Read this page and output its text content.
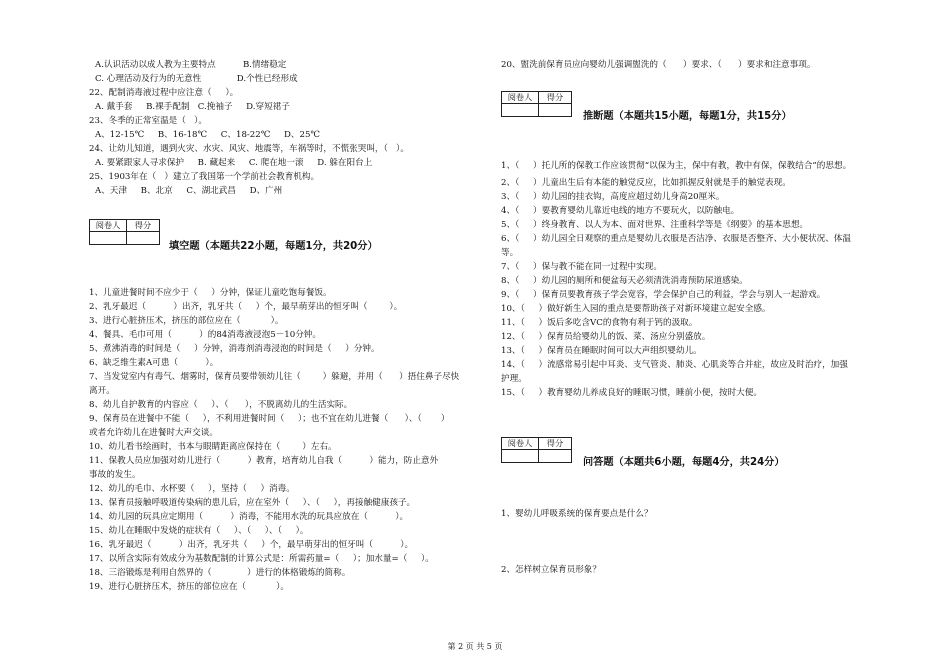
A.认识活动以成人教为主要特点          B.情绪稳定
C. 心理活动及行为的无意性             D.个性已经形成
22、配制消毒液过程中应注意（     ）。
A. 戴手套     B.裸手配制   C.挽袖子     D.穿短裙子
23、冬季的正常室温是（   ）。
A、12-15℃     B、16-18℃     C、18-22℃     D、25℃
24、让幼儿知道，遇到火灾、水灾、风灾、地震等，车祸等时，不慌张哭叫，（   ）。
A. 要紧跟家人寻求保护     B. 藏起来     C. 爬在地一滚     D. 躲在阳台上
25、1903年在（   ）建立了我国第一个学前社会教育机构。
A、天津     B、北京     C、湖北武昌     D、广州
阅卷人	得分

填空题（本题共22小题，每题1分，共20分）
1、儿童进餐时间不应少于（     ）分钟，保证儿童吃饱每餐饭。
2、乳牙最迟（          ）出齐，乳牙共（     ）个，最早萌芽出的恒牙叫（        ）。
3、进行心脏挤压术，挤压的部位应在（           ）。
4、餐具、毛巾可用（          ）的84消毒液浸泡5－10分钟。
5、煮沸消毒的时间是（     ）分钟，消毒剂消毒浸泡的时间是（     ）分钟。
6、缺乏维生素A可患（          ）。
7、当发觉室内有毒气、烟雾时，保育员要带领幼儿往（        ）躲避，并用（      ）捂住鼻子尽快
离开。
8、幼儿自护教育的内容应（     ）、（      ），不脱离幼儿的生活实际。
9、保育员在进餐中不能（     ），不利用进餐时间（     ）；也不宜在幼儿进餐（      ）、（       ）
或者允许幼儿在进餐时大声交谈。
10、幼儿看书绘画时，书本与眼睛距离应保持在（        ）左右。
11、保教人员应加强对幼儿进行（          ）教育，培育幼儿自我（          ）能力，防止意外
事故的发生。
12、幼儿的毛巾、水杯要（     ），坚持（     ）消毒。
13、保育员接触呼吸道传染病的患儿后，应在室外（     ）、（     ），再接触健康孩子。
14、幼儿园的玩具应定期用（          ）消毒，不能用水洗的玩具应放在（          ）。
15、幼儿在睡眠中发烧的症状有（     ）、（     ）、（     ）。
16、乳牙最迟（          ）出齐，乳牙共（     ）个，最早萌芽出的恒牙叫（          ）。
17、以所含实际有效成分为基数配制的计算公式是：所需药量=（     ）；加水量=（     ）。
18、三浴锻炼是利用自然界的（             ）进行的体格锻炼的简称。
19、进行心脏挤压术，挤压的部位应在（           ）。
20、盥洗前保育员应向婴幼儿强调盥洗的（      ）要求、（      ）要求和注意事项。
阅卷人	得分

推断题（本题共15小题，每题1分，共15分）
1、（     ）托儿所的保教工作应该贯彻“以保为主，保中有教，教中有保，保教结合”的思想。
2、（     ）儿童出生后有本能的触觉反应，比如抓握反射就是手的触觉表现。
3、（     ）幼儿园的挂衣钩，高度应超过幼儿身高20厘米。
4、（     ）要教育婴幼儿靠近电线的地方不要玩火，以防触电。
5、（     ）终身教育、以人为本、面对世界、注重科学等是《纲要》的基本思想。
6、（     ）幼儿园全日观察的重点是婴幼儿衣服是否洁净、衣服是否整齐、大小便状况、体温
等。
7、（     ）保与教不能在同一过程中实现。
8、（     ）幼儿园的厕所和便盆每天必须清洗消毒预防尿道感染。
9、（     ）保育员要教育孩子学会宽容，学会保护自己的利益，学会与别人一起游戏。
10、（     ）做好新生入园的重点是要帮助孩子对新环境建立起安全感。
11、（     ）饭后多吃含VC的食物有利于钙的汲取。
12、（     ）保育员给婴幼儿的饭、菜、汤应分别盛放。
13、（     ）保育员在睡眠时间可以大声组织婴幼儿。
14、（     ）流感常易引起中耳炎、支气管炎、肺炎、心肌炎等合并症，故应及时治疗，加强
护理。
15、（     ）教育婴幼儿养成良好的睡眠习惯，睡前小便，按时大便。
阅卷人	得分

问答题（本题共6小题，每题4分，共24分）
1、婴幼儿呼吸系统的保育要点是什么？
2、怎样树立保育员形象？
第 2 页 共 5 页
